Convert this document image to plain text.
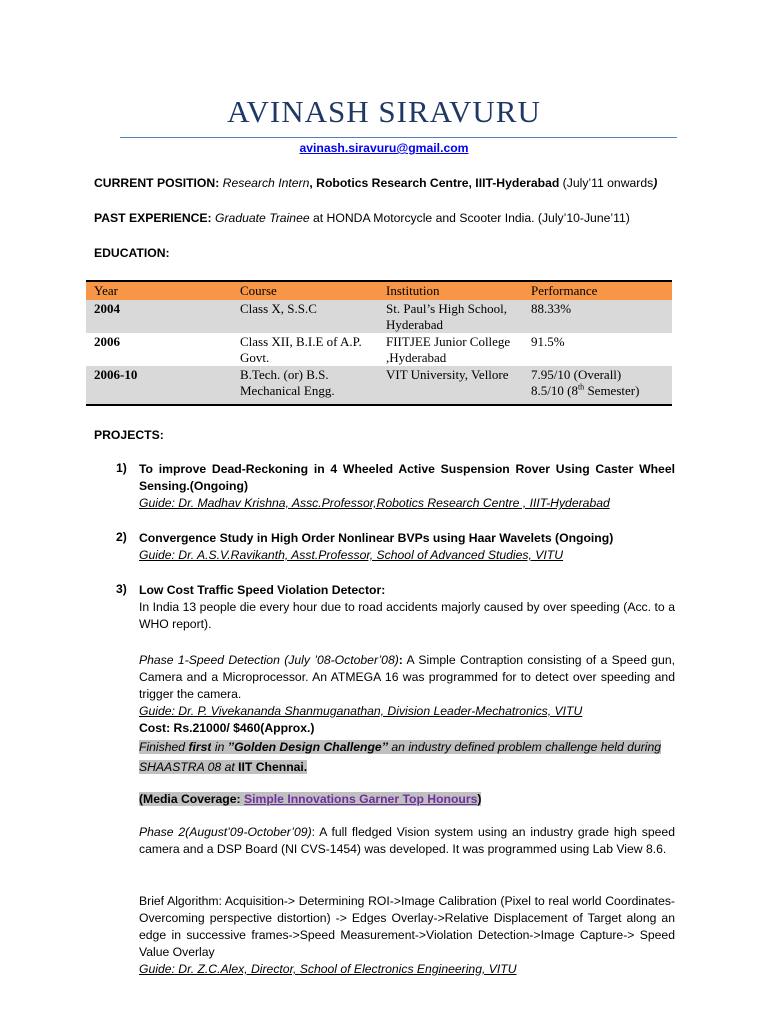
AVINASH SIRAVURU
avinash.siravuru@gmail.com
CURRENT POSITION: Research Intern, Robotics Research Centre, IIIT-Hyderabad (July’11 onwards)
PAST EXPERIENCE: Graduate Trainee at HONDA Motorcycle and Scooter India. (July’10-June’11)
EDUCATION:
Year	Course	Institution	Performance
2004	Class X, S.S.C	St. Paul’s High School, Hyderabad	88.33%
2006	Class XII, B.I.E of A.P. Govt.	FIITJEE Junior College ,Hyderabad	91.5%
2006-10	B.Tech. (or) B.S. Mechanical Engg.	VIT University, Vellore	7.95/10 (Overall)
8.5/10 (8th Semester)
PROJECTS:
1) To improve Dead-Reckoning in 4 Wheeled Active Suspension Rover Using Caster Wheel Sensing.(Ongoing)
Guide: Dr. Madhav Krishna, Assc.Professor,Robotics Research Centre , IIIT-Hyderabad
2) Convergence Study in High Order Nonlinear BVPs using Haar Wavelets (Ongoing)
Guide: Dr. A.S.V.Ravikanth, Asst.Professor, School of Advanced Studies, VITU
3) Low Cost Traffic Speed Violation Detector:
In India 13 people die every hour due to road accidents majorly caused by over speeding (Acc. to a WHO report).
Phase 1-Speed Detection (July ’08-October’08): A Simple Contraption consisting of a Speed gun, Camera and a Microprocessor. An ATMEGA 16 was programmed for to detect over speeding and trigger the camera.
Guide: Dr. P. Vivekananda Shanmuganathan, Division Leader-Mechatronics, VITU
Cost: Rs.21000/ $460(Approx.)
Finished first in ’’Golden Design Challenge’’ an industry defined problem challenge held during SHAASTRA 08 at IIT Chennai.
(Media Coverage: Simple Innovations Garner Top Honours)
Phase 2(August’09-October’09): A full fledged Vision system using an industry grade high speed camera and a DSP Board (NI CVS-1454) was developed. It was programmed using Lab View 8.6.
Brief Algorithm: Acquisition-> Determining ROI->Image Calibration (Pixel to real world Coordinates- Overcoming perspective distortion) -> Edges Overlay->Relative Displacement of Target along an edge in successive frames->Speed Measurement->Violation Detection->Image Capture-> Speed Value Overlay
Guide: Dr. Z.C.Alex, Director, School of Electronics Engineering, VITU
